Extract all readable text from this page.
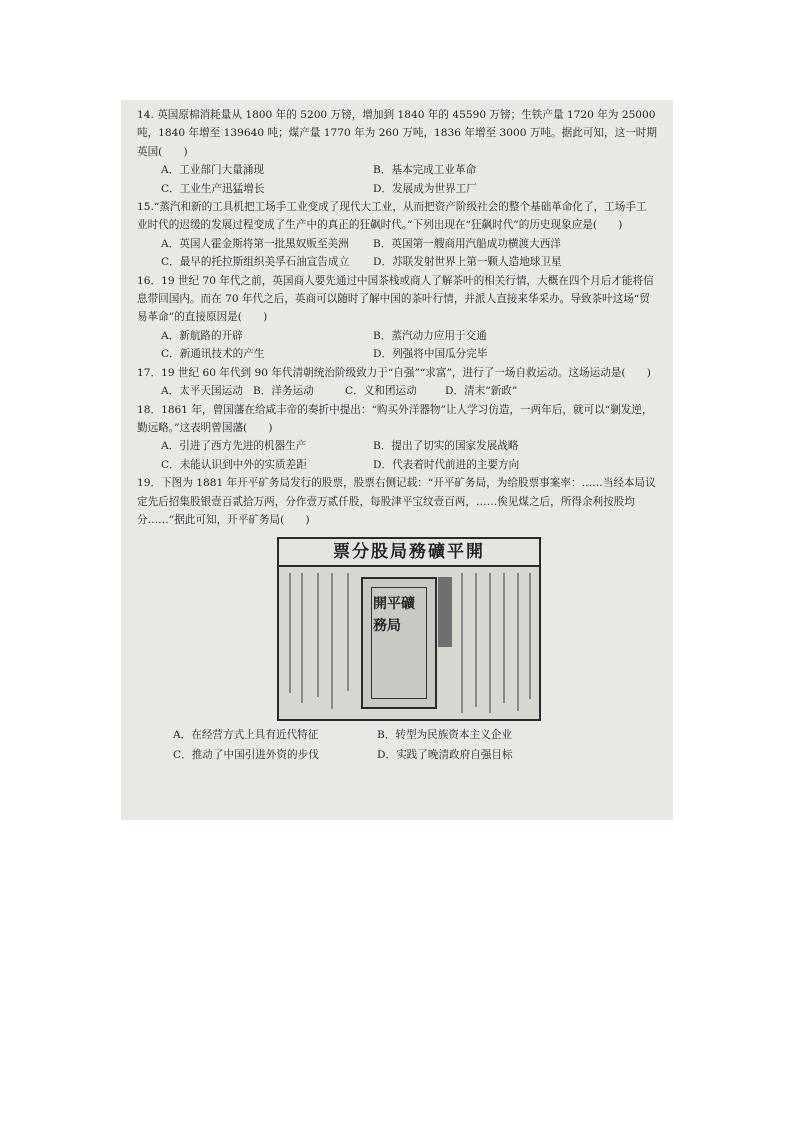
14. 英国原棉消耗量从 1800 年的 5200 万镑，增加到 1840 年的 45590 万镑；生铁产量 1720 年为 25000 吨，1840 年增至 139640 吨；煤产量 1770 年为 260 万吨，1836 年增至 3000 万吨。据此可知，这一时期英国(　　)

A．工业部门大量涌现	B．基本完成工业革命
C．工业生产迅猛增长	D．发展成为世界工厂

15.“蒸汽和新的工具机把工场手工业变成了现代大工业，从而把资产阶级社会的整个基础革命化了，工场手工业时代的迟缓的发展过程变成了生产中的真正的狂飙时代。”下列出现在“狂飙时代”的历史现象应是(　　)

A．英国人霍金斯将第一批黑奴贩至美洲	B．英国第一艘商用汽船成功横渡大西洋
C．最早的托拉斯组织美孚石油宣告成立	D．苏联发射世界上第一颗人造地球卫星

16．19 世纪 70 年代之前，英国商人要先通过中国茶栈或商人了解茶叶的相关行情，大概在四个月后才能将信息带回国内。而在 70 年代之后，英商可以随时了解中国的茶叶行情，并派人直接来华采办。导致茶叶这场“贸易革命”的直接原因是(　　)

A．新航路的开辟	B．蒸汽动力应用于交通
C．新通讯技术的产生	D．列强将中国瓜分完毕

17．19 世纪 60 年代到 90 年代清朝统治阶级致力于“自强”“求富”，进行了一场自救运动。这场运动是(　　)

A．太平天国运动 B．洋务运动	C．义和团运动	D．清末“新政”

18．1861 年，曾国藩在给咸丰帝的奏折中提出：“购买外洋器物”让人学习仿造，一两年后，就可以“剿发逆，勤远略。”这表明曾国藩(　　)

A．引进了西方先进的机器生产	B．提出了切实的国家发展战略
C．未能认识到中外的实质差距	D．代表着时代前进的主要方向

19．下图为 1881 年开平矿务局发行的股票，股票右侧记载：“开平矿务局，为给股票事案率：……当经本局议定先后招集股银壹百贰拾万两，分作壹万贰仟股，每股津平宝纹壹百两，……俟见煤之后，所得余利按股均分……”据此可知，开平矿务局(　　)

票分股局務礦平開
開平礦務局
A．在经营方式上具有近代特征	B．转型为民族资本主义企业
C．推动了中国引进外资的步伐	D．实践了晚清政府自强目标
